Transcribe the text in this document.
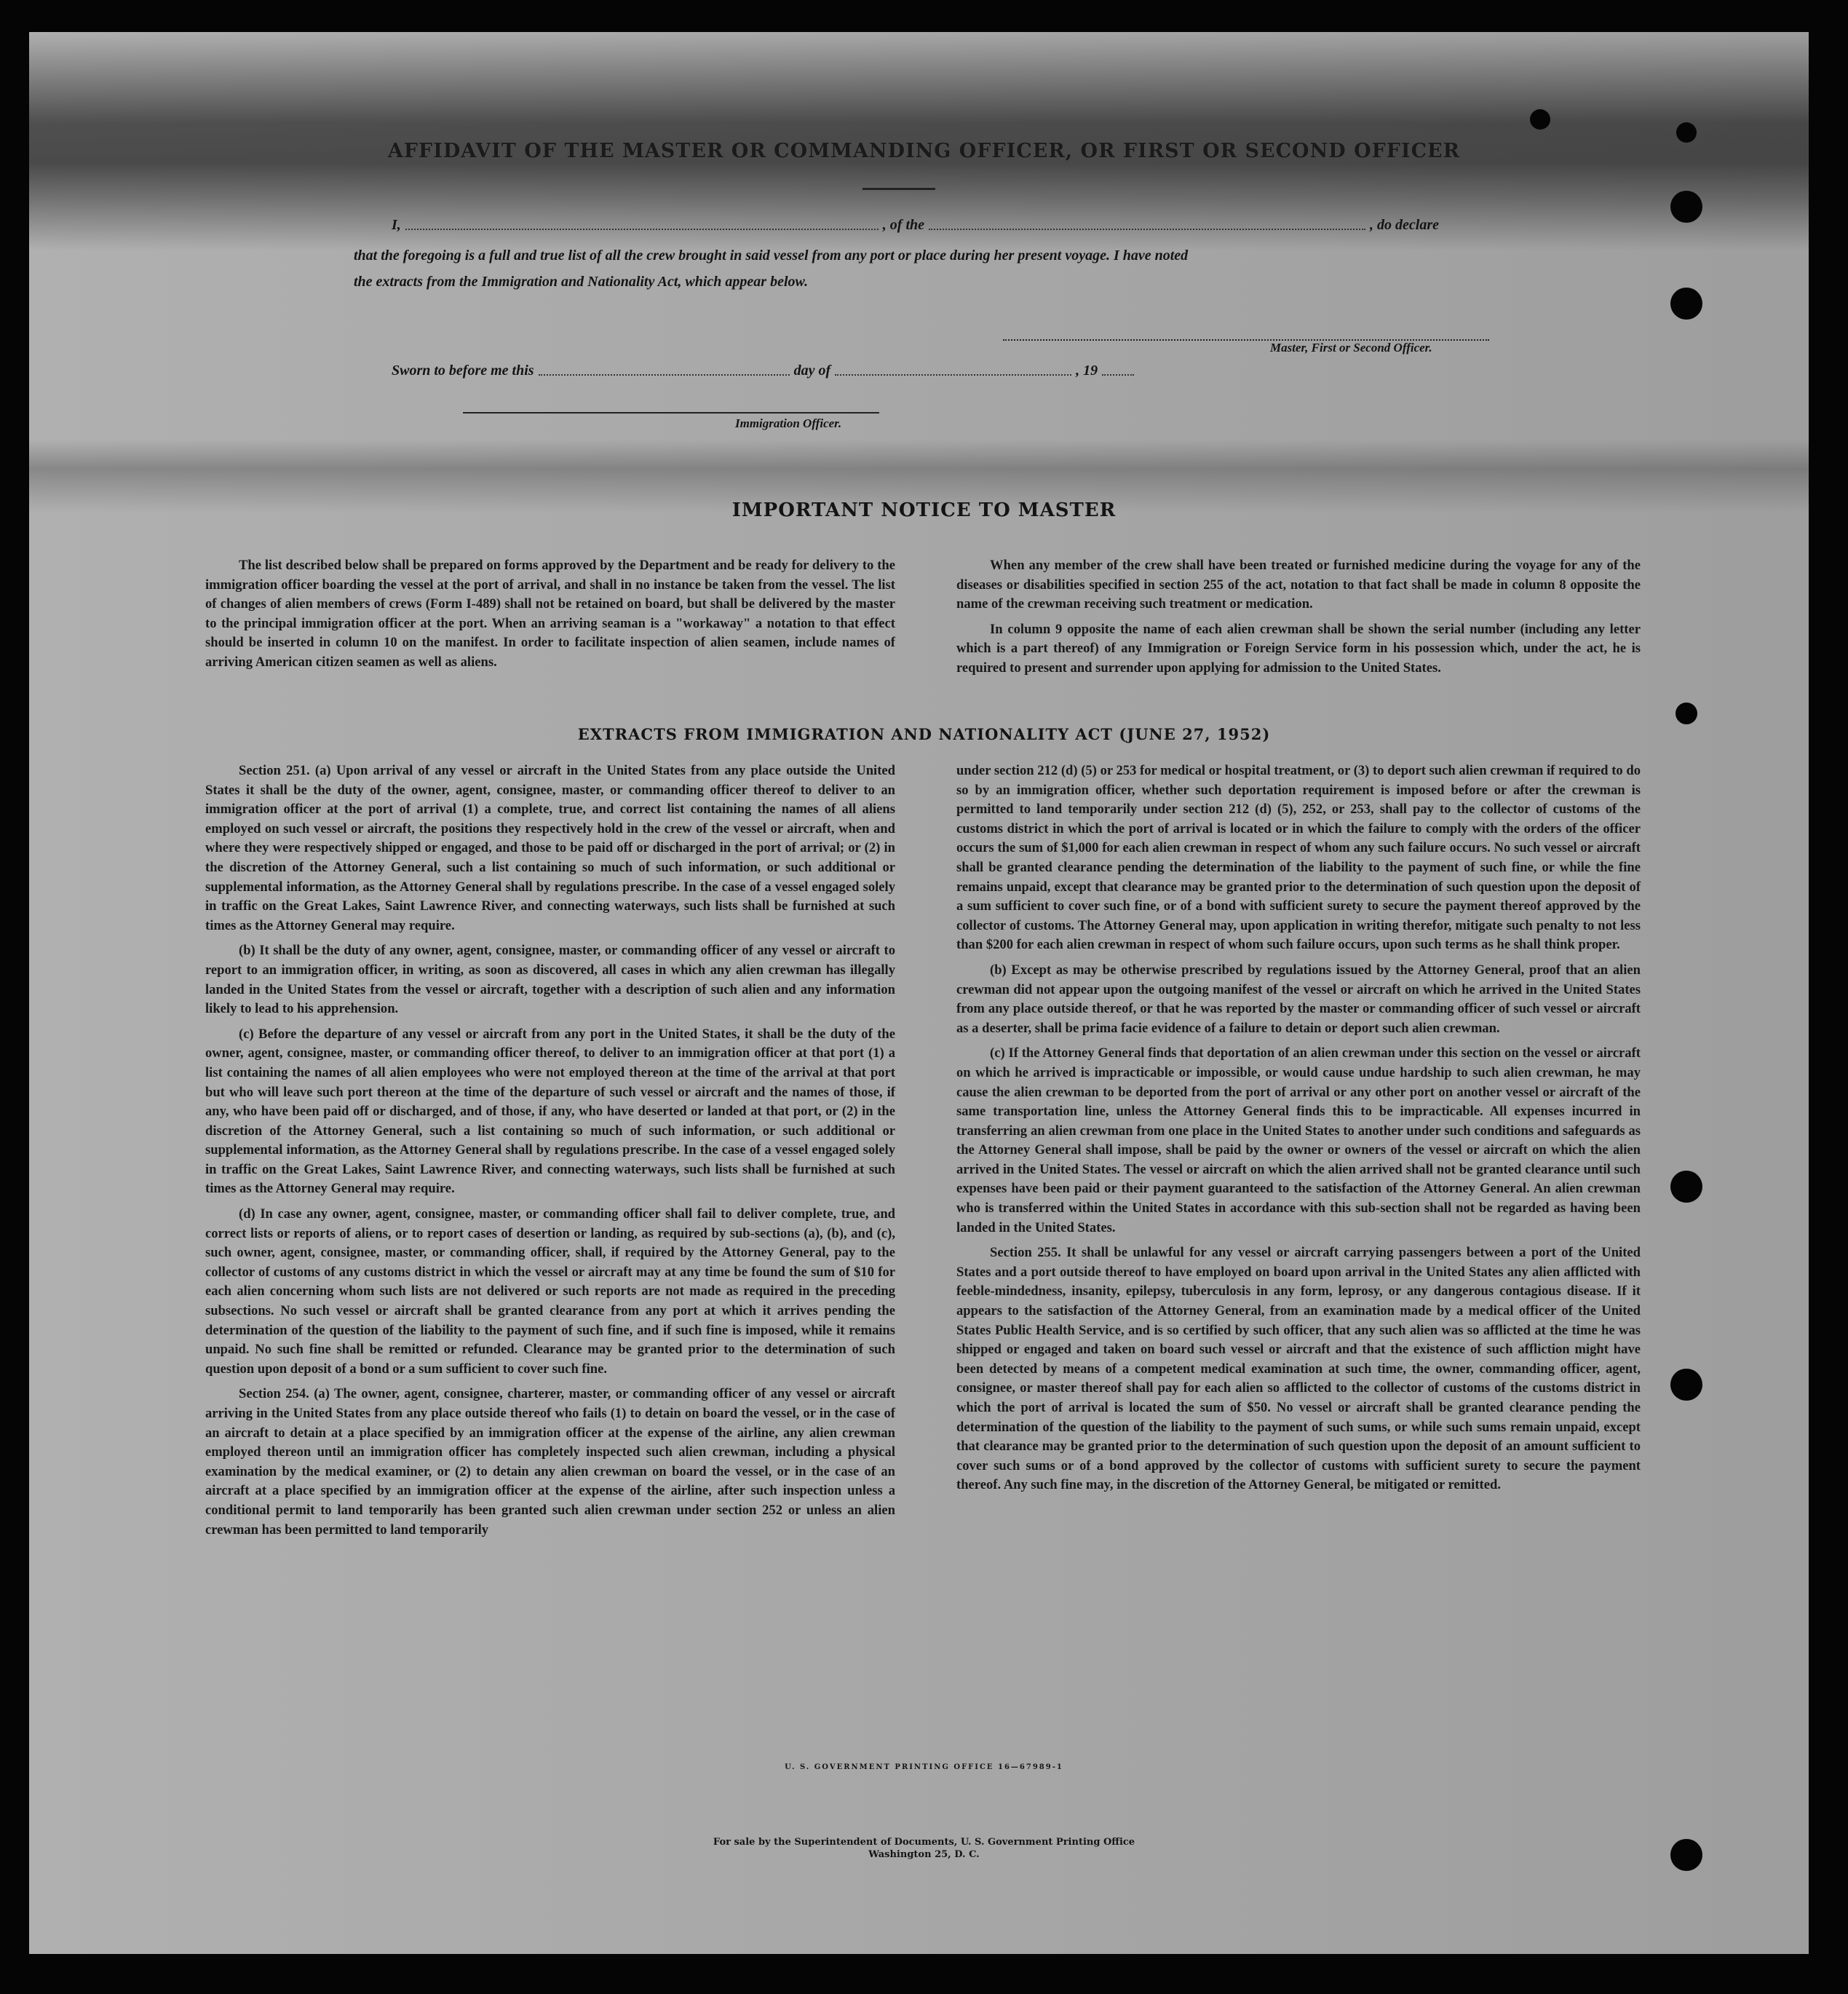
AFFIDAVIT OF THE MASTER OR COMMANDING OFFICER, OR FIRST OR SECOND OFFICER
I,	, of the	, do declare
that the foregoing is a full and true list of all the crew brought in said vessel from any port or place during her present voyage. I have noted
the extracts from the Immigration and Nationality Act, which appear below.
Master, First or Second Officer.
Sworn to before me this	day of	, 19
Immigration Officer.
IMPORTANT NOTICE TO MASTER

The list described below shall be prepared on forms approved by the Department and be ready for delivery to the immigration officer boarding the vessel at the port of arrival, and shall in no instance be taken from the vessel. The list of changes of alien members of crews (Form I-489) shall not be retained on board, but shall be delivered by the master to the principal immigration officer at the port. When an arriving seaman is a "workaway" a notation to that effect should be inserted in column 10 on the manifest. In order to facilitate inspection of alien seamen, include names of arriving American citizen seamen as well as aliens.

When any member of the crew shall have been treated or furnished medicine during the voyage for any of the diseases or disabilities specified in section 255 of the act, notation to that fact shall be made in column 8 opposite the name of the crewman receiving such treatment or medication.

In column 9 opposite the name of each alien crewman shall be shown the serial number (including any letter which is a part thereof) of any Immigration or Foreign Service form in his possession which, under the act, he is required to present and surrender upon applying for admission to the United States.

EXTRACTS FROM IMMIGRATION AND NATIONALITY ACT (JUNE 27, 1952)

Section 251. (a) Upon arrival of any vessel or aircraft in the United States from any place outside the United States it shall be the duty of the owner, agent, consignee, master, or commanding officer thereof to deliver to an immigration officer at the port of arrival (1) a complete, true, and correct list containing the names of all aliens employed on such vessel or aircraft, the positions they respectively hold in the crew of the vessel or aircraft, when and where they were respectively shipped or engaged, and those to be paid off or discharged in the port of arrival; or (2) in the discretion of the Attorney General, such a list containing so much of such information, or such additional or supplemental information, as the Attorney General shall by regulations prescribe. In the case of a vessel engaged solely in traffic on the Great Lakes, Saint Lawrence River, and connecting waterways, such lists shall be furnished at such times as the Attorney General may require.

(b) It shall be the duty of any owner, agent, consignee, master, or commanding officer of any vessel or aircraft to report to an immigration officer, in writing, as soon as discovered, all cases in which any alien crewman has illegally landed in the United States from the vessel or aircraft, together with a description of such alien and any information likely to lead to his apprehension.

(c) Before the departure of any vessel or aircraft from any port in the United States, it shall be the duty of the owner, agent, consignee, master, or commanding officer thereof, to deliver to an immigration officer at that port (1) a list containing the names of all alien employees who were not employed thereon at the time of the arrival at that port but who will leave such port thereon at the time of the departure of such vessel or aircraft and the names of those, if any, who have been paid off or discharged, and of those, if any, who have deserted or landed at that port, or (2) in the discretion of the Attorney General, such a list containing so much of such information, or such additional or supplemental information, as the Attorney General shall by regulations prescribe. In the case of a vessel engaged solely in traffic on the Great Lakes, Saint Lawrence River, and connecting waterways, such lists shall be furnished at such times as the Attorney General may require.

(d) In case any owner, agent, consignee, master, or commanding officer shall fail to deliver complete, true, and correct lists or reports of aliens, or to report cases of desertion or landing, as required by sub-sections (a), (b), and (c), such owner, agent, consignee, master, or commanding officer, shall, if required by the Attorney General, pay to the collector of customs of any customs district in which the vessel or aircraft may at any time be found the sum of $10 for each alien concerning whom such lists are not delivered or such reports are not made as required in the preceding subsections. No such vessel or aircraft shall be granted clearance from any port at which it arrives pending the determination of the question of the liability to the payment of such fine, and if such fine is imposed, while it remains unpaid. No such fine shall be remitted or refunded. Clearance may be granted prior to the determination of such question upon deposit of a bond or a sum sufficient to cover such fine.

Section 254. (a) The owner, agent, consignee, charterer, master, or commanding officer of any vessel or aircraft arriving in the United States from any place outside thereof who fails (1) to detain on board the vessel, or in the case of an aircraft to detain at a place specified by an immigration officer at the expense of the airline, any alien crewman employed thereon until an immigration officer has completely inspected such alien crewman, including a physical examination by the medical examiner, or (2) to detain any alien crewman on board the vessel, or in the case of an aircraft at a place specified by an immigration officer at the expense of the airline, after such inspection unless a conditional permit to land temporarily has been granted such alien crewman under section 252 or unless an alien crewman has been permitted to land temporarily

under section 212 (d) (5) or 253 for medical or hospital treatment, or (3) to deport such alien crewman if required to do so by an immigration officer, whether such deportation requirement is imposed before or after the crewman is permitted to land temporarily under section 212 (d) (5), 252, or 253, shall pay to the collector of customs of the customs district in which the port of arrival is located or in which the failure to comply with the orders of the officer occurs the sum of $1,000 for each alien crewman in respect of whom any such failure occurs. No such vessel or aircraft shall be granted clearance pending the determination of the liability to the payment of such fine, or while the fine remains unpaid, except that clearance may be granted prior to the determination of such question upon the deposit of a sum sufficient to cover such fine, or of a bond with sufficient surety to secure the payment thereof approved by the collector of customs. The Attorney General may, upon application in writing therefor, mitigate such penalty to not less than $200 for each alien crewman in respect of whom such failure occurs, upon such terms as he shall think proper.

(b) Except as may be otherwise prescribed by regulations issued by the Attorney General, proof that an alien crewman did not appear upon the outgoing manifest of the vessel or aircraft on which he arrived in the United States from any place outside thereof, or that he was reported by the master or commanding officer of such vessel or aircraft as a deserter, shall be prima facie evidence of a failure to detain or deport such alien crewman.

(c) If the Attorney General finds that deportation of an alien crewman under this section on the vessel or aircraft on which he arrived is impracticable or impossible, or would cause undue hardship to such alien crewman, he may cause the alien crewman to be deported from the port of arrival or any other port on another vessel or aircraft of the same transportation line, unless the Attorney General finds this to be impracticable. All expenses incurred in transferring an alien crewman from one place in the United States to another under such conditions and safeguards as the Attorney General shall impose, shall be paid by the owner or owners of the vessel or aircraft on which the alien arrived in the United States. The vessel or aircraft on which the alien arrived shall not be granted clearance until such expenses have been paid or their payment guaranteed to the satisfaction of the Attorney General. An alien crewman who is transferred within the United States in accordance with this sub-section shall not be regarded as having been landed in the United States.

Section 255. It shall be unlawful for any vessel or aircraft carrying passengers between a port of the United States and a port outside thereof to have employed on board upon arrival in the United States any alien afflicted with feeble-mindedness, insanity, epilepsy, tuberculosis in any form, leprosy, or any dangerous contagious disease. If it appears to the satisfaction of the Attorney General, from an examination made by a medical officer of the United States Public Health Service, and is so certified by such officer, that any such alien was so afflicted at the time he was shipped or engaged and taken on board such vessel or aircraft and that the existence of such affliction might have been detected by means of a competent medical examination at such time, the owner, commanding officer, agent, consignee, or master thereof shall pay for each alien so afflicted to the collector of customs of the customs district in which the port of arrival is located the sum of $50. No vessel or aircraft shall be granted clearance pending the determination of the question of the liability to the payment of such sums, or while such sums remain unpaid, except that clearance may be granted prior to the determination of such question upon the deposit of an amount sufficient to cover such sums or of a bond approved by the collector of customs with sufficient surety to secure the payment thereof. Any such fine may, in the discretion of the Attorney General, be mitigated or remitted.

U. S. GOVERNMENT PRINTING OFFICE 16—67989-1
For sale by the Superintendent of Documents, U. S. Government Printing Office
Washington 25, D. C.
